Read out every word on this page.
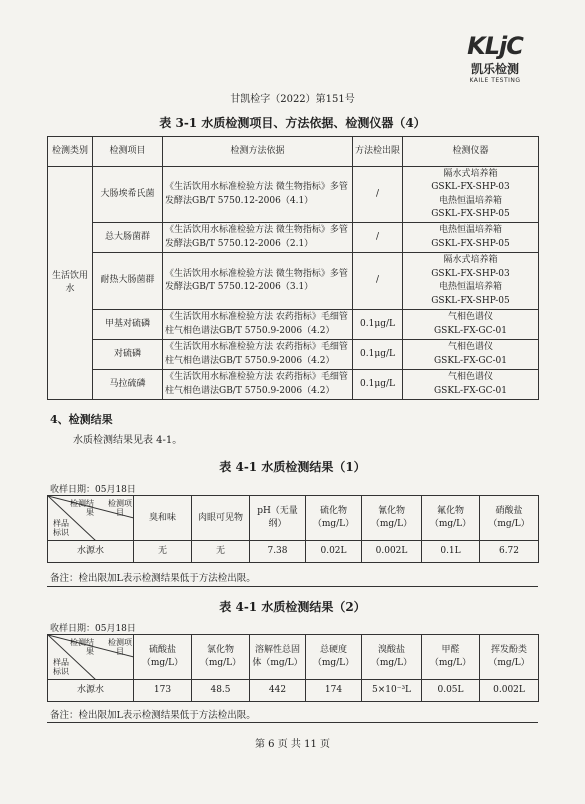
KLjC
凯乐检测
KAILE TESTING
甘凯检字（2022）第151号
表 3-1 水质检测项目、方法依据、检测仪器（4）
检测类别	检测项目	检测方法依据	方法检出限	检测仪器
生活饮用水	大肠埃希氏菌	《生活饮用水标准检验方法 微生物指标》多管发酵法GB/T 5750.12-2006（4.1）	/	隔水式培养箱
GSKL-FX-SHP-03
电热恒温培养箱
GSKL-FX-SHP-05

	总大肠菌群	《生活饮用水标准检验方法 微生物指标》多管发酵法GB/T 5750.12-2006（2.1）	/	电热恒温培养箱
GSKL-FX-SHP-05

	耐热大肠菌群	《生活饮用水标准检验方法 微生物指标》多管发酵法GB/T 5750.12-2006（3.1）	/	隔水式培养箱
GSKL-FX-SHP-03
电热恒温培养箱
GSKL-FX-SHP-05

	甲基对硫磷	《生活饮用水标准检验方法 农药指标》毛细管柱气相色谱法GB/T 5750.9-2006（4.2）	0.1μg/L	气相色谱仪
GSKL-FX-GC-01

	对硫磷	《生活饮用水标准检验方法 农药指标》毛细管柱气相色谱法GB/T 5750.9-2006（4.2）	0.1μg/L	气相色谱仪
GSKL-FX-GC-01

	马拉硫磷	《生活饮用水标准检验方法 农药指标》毛细管柱气相色谱法GB/T 5750.9-2006（4.2）	0.1μg/L	气相色谱仪
GSKL-FX-GC-01
4、检测结果
水质检测结果见表 4-1。
表 4-1 水质检测结果（1）
收样日期：05月18日
检测项目
检测结果
样品标识	臭和味	肉眼可见物	pH（无量纲）	硫化物（mg/L）	氰化物（mg/L）	氟化物（mg/L）	硝酸盐（mg/L）
水源水	无	无	7.38	0.02L	0.002L	0.1L	6.72
备注：检出限加L表示检测结果低于方法检出限。
表 4-1 水质检测结果（2）
收样日期：05月18日
检测项目
检测结果
样品标识	硫酸盐（mg/L）	氯化物（mg/L）	溶解性总固体（mg/L）	总硬度（mg/L）	溴酸盐（mg/L）	甲醛（mg/L）	挥发酚类（mg/L）
水源水	173	48.5	442	174	5×10⁻³L	0.05L	0.002L
备注：检出限加L表示检测结果低于方法检出限。
第 6 页 共 11 页
